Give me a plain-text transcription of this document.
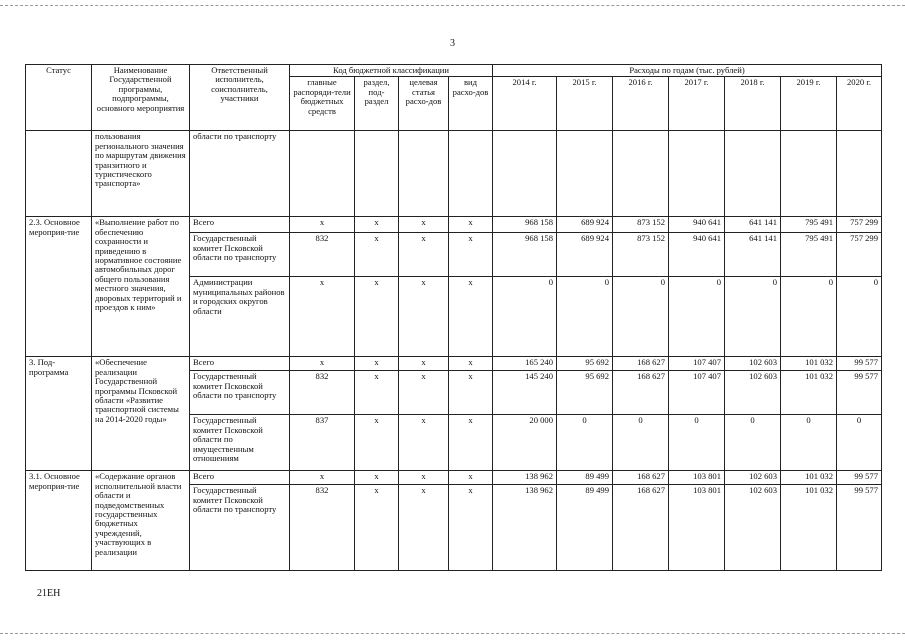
3
Статус	Наименование Государственной программы, подпрограммы, основного мероприятия	Ответственный исполнитель, соисполнитель, участники	Код бюджетной классификации				Расходы по годам (тыс. рублей)						
			главные распоряди-тели бюджетных средств	раздел, под-раздел	целевая статья расхо-дов	вид расхо-дов	2014 г.	2015 г.	2016 г.	2017 г.	2018 г.	2019 г.	2020 г.
	пользования регионального значения по маршрутам движения транзитного и туристического транспорта»	области по транспорту											
2.3. Основное мероприя-тие	«Выполнение работ по обеспечению сохранности и приведению в нормативное состояние автомобильных дорог общего пользования местного значения, дворовых территорий и проездов к ним»	Всего	х	х	х	х	968 158	689 924	873 152	940 641	641 141	795 491	757 299
		Государственный комитет Псковской области по транспорту	832	х	х	х	968 158	689 924	873 152	940 641	641 141	795 491	757 299
		Администрации муниципальных районов и городских округов области	х	х	х	х	0	0	0	0	0	0	0
3. Под-программа	«Обеспечение реализации Государственной программы Псковской области «Развитие транспортной системы на 2014-2020 годы»	Всего	х	х	х	х	165 240	95 692	168 627	107 407	102 603	101 032	99 577
		Государственный комитет Псковской области по транспорту	832	х	х	х	145 240	95 692	168 627	107 407	102 603	101 032	99 577
		Государственный комитет Псковской области по имущественным отношениям	837	х	х	х	20 000	0	0	0	0	0	0
3.1. Основное мероприя-тие	«Содержание органов исполнительной власти области и подведомственных государственных бюджетных учреждений, участвующих в реализации	Всего	х	х	х	х	138 962	89 499	168 627	103 801	102 603	101 032	99 577
		Государственный комитет Псковской области по транспорту	832	х	х	х	138 962	89 499	168 627	103 801	102 603	101 032	99 577
21ЕН
